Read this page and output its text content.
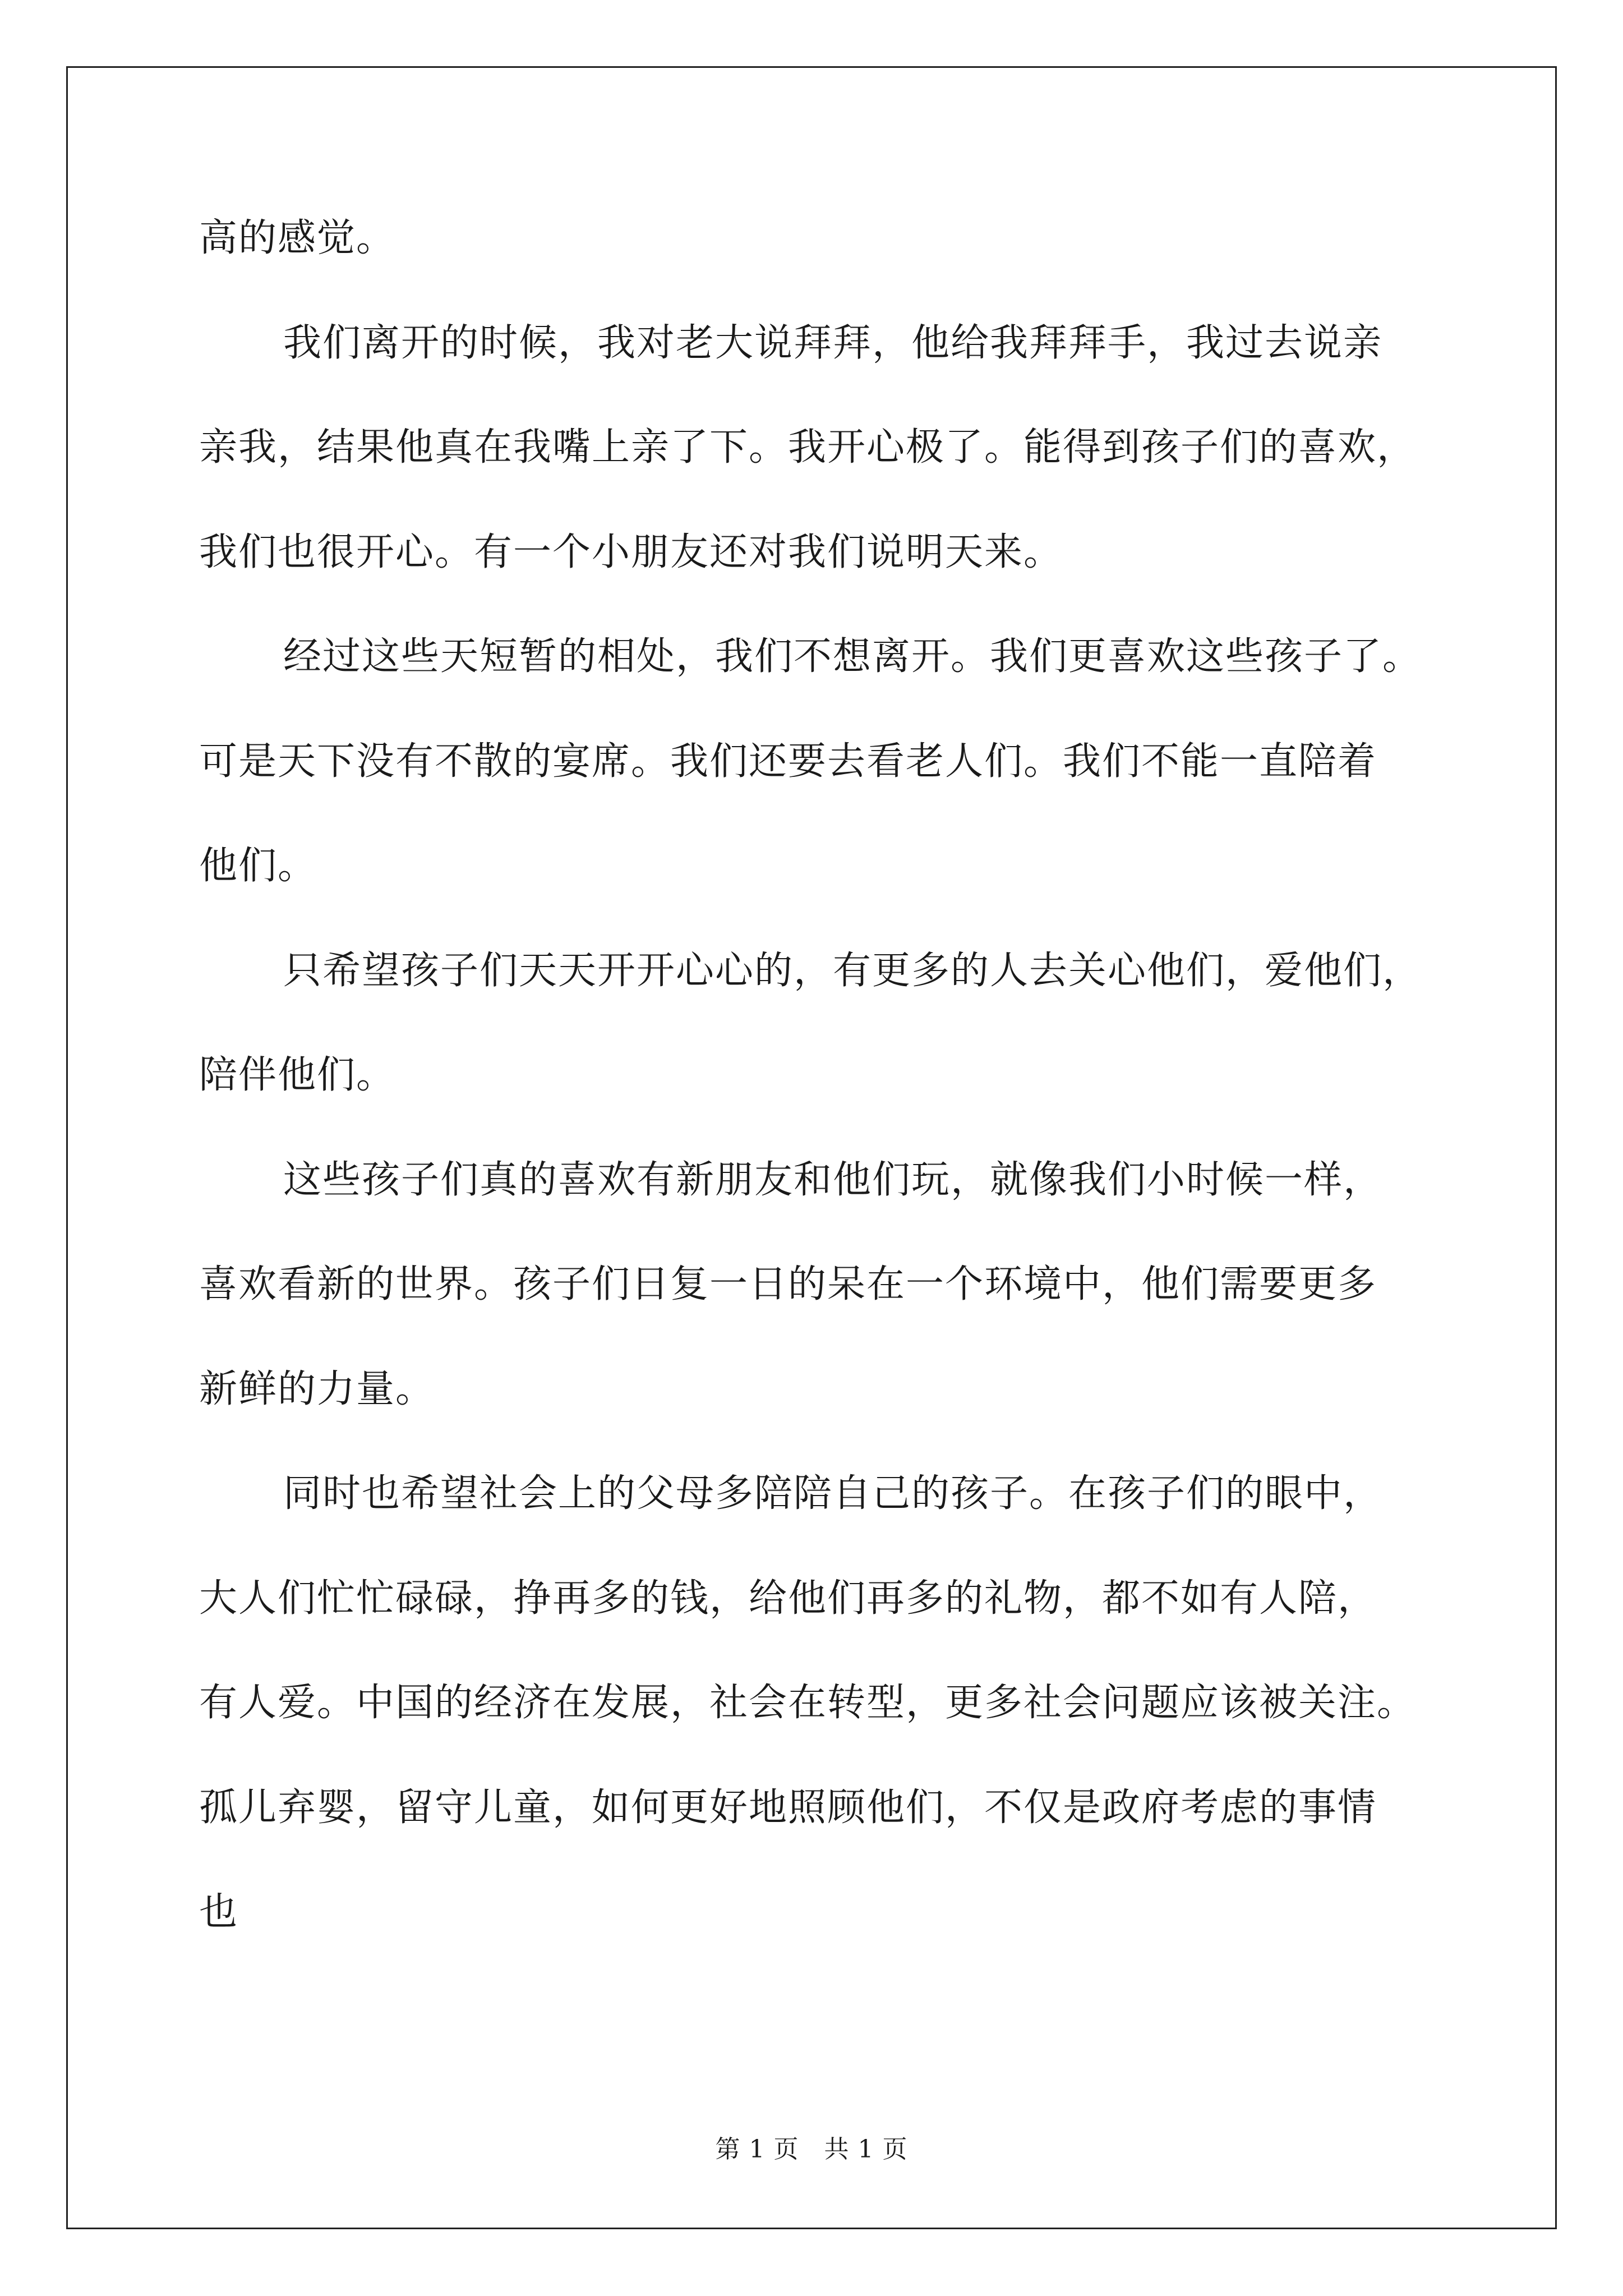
高的感觉。
我们离开的时候，我对老大说拜拜，他给我拜拜手，我过去说亲
亲我，结果他真在我嘴上亲了下。我开心极了。能得到孩子们的喜欢，
我们也很开心。有一个小朋友还对我们说明天来。
经过这些天短暂的相处，我们不想离开。我们更喜欢这些孩子了。
可是天下没有不散的宴席。我们还要去看老人们。我们不能一直陪着
他们。
只希望孩子们天天开开心心的，有更多的人去关心他们，爱他们，
陪伴他们。
这些孩子们真的喜欢有新朋友和他们玩，就像我们小时候一样，
喜欢看新的世界。孩子们日复一日的呆在一个环境中，他们需要更多
新鲜的力量。
同时也希望社会上的父母多陪陪自己的孩子。在孩子们的眼中，
大人们忙忙碌碌，挣再多的钱，给他们再多的礼物，都不如有人陪，
有人爱。中国的经济在发展，社会在转型，更多社会问题应该被关注。
孤儿弃婴，留守儿童，如何更好地照顾他们，不仅是政府考虑的事情
也
第 1 页　共 1 页
